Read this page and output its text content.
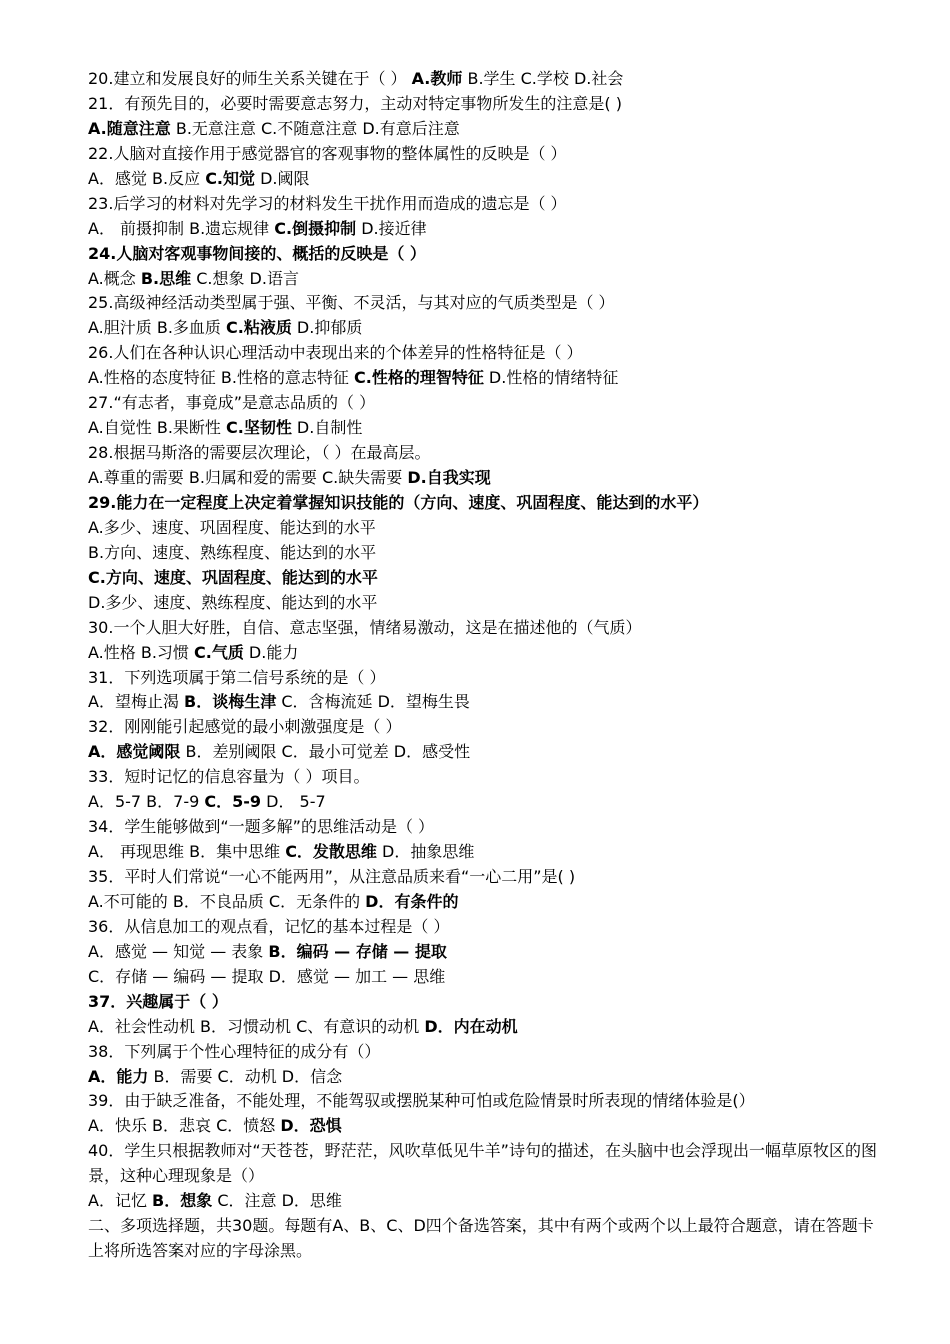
20.建立和发展良好的师生关系关键在于（ ） A.教师 B.学生 C.学校 D.社会
21．有预先目的，必要时需要意志努力，主动对特定事物所发生的注意是( )
A.随意注意 B.无意注意 C.不随意注意 D.有意后注意
22.人脑对直接作用于感觉器官的客观事物的整体属性的反映是（ ）
A．感觉 B.反应 C.知觉 D.阈限
23.后学习的材料对先学习的材料发生干扰作用而造成的遗忘是（ ）
A． 前摄抑制 B.遗忘规律 C.倒摄抑制 D.接近律
24.人脑对客观事物间接的、概括的反映是（ ）
A.概念 B.思维 C.想象 D.语言
25.高级神经活动类型属于强、平衡、不灵活，与其对应的气质类型是（ ）
A.胆汁质 B.多血质 C.粘液质 D.抑郁质
26.人们在各种认识心理活动中表现出来的个体差异的性格特征是（ ）
A.性格的态度特征 B.性格的意志特征 C.性格的理智特征 D.性格的情绪特征
27.“有志者，事竟成”是意志品质的（ ）
A.自觉性 B.果断性 C.坚韧性 D.自制性
28.根据马斯洛的需要层次理论，（ ）在最高层。
A.尊重的需要 B.归属和爱的需要 C.缺失需要 D.自我实现
29.能力在一定程度上决定着掌握知识技能的（方向、速度、巩固程度、能达到的水平）
A.多少、速度、巩固程度、能达到的水平
B.方向、速度、熟练程度、能达到的水平
C.方向、速度、巩固程度、能达到的水平
D.多少、速度、熟练程度、能达到的水平
30.一个人胆大好胜，自信、意志坚强，情绪易激动，这是在描述他的（气质）
A.性格 B.习惯 C.气质 D.能力
31．下列选项属于第二信号系统的是（ ）
A．望梅止渴 B．谈梅生津 C．含梅流延 D．望梅生畏
32．刚刚能引起感觉的最小刺激强度是（ ）
A．感觉阈限 B．差别阈限 C．最小可觉差 D．感受性
33．短时记忆的信息容量为（ ）项目。
A．5-7 B．7-9 C．5-9 D． 5-7
34．学生能够做到“一题多解”的思维活动是（ ）
A． 再现思维 B．集中思维 C．发散思维 D．抽象思维
35．平时人们常说“一心不能两用”，从注意品质来看“一心二用”是( )
A.不可能的 B．不良品质 C．无条件的 D．有条件的
36．从信息加工的观点看，记忆的基本过程是（ ）
A．感觉 — 知觉 — 表象 B．编码 — 存储 — 提取
C．存储 — 编码 — 提取 D．感觉 — 加工 — 思维
37．兴趣属于（ ）
A．社会性动机 B．习惯动机 C、有意识的动机 D．内在动机
38．下列属于个性心理特征的成分有（）
A．能力 B．需要 C．动机 D．信念
39．由于缺乏准备，不能处理，不能驾驭或摆脱某种可怕或危险情景时所表现的情绪体验是(）
A．快乐 B．悲哀 C．愤怒 D．恐惧
40．学生只根据教师对“天苍苍，野茫茫，风吹草低见牛羊”诗句的描述，在头脑中也会浮现出一幅草原牧区的图景，这种心理现象是（）
A．记忆 B．想象 C．注意 D．思维
二、多项选择题，共30题。每题有A、B、C、D四个备选答案，其中有两个或两个以上最符合题意，请在答题卡上将所选答案对应的字母涂黑。
